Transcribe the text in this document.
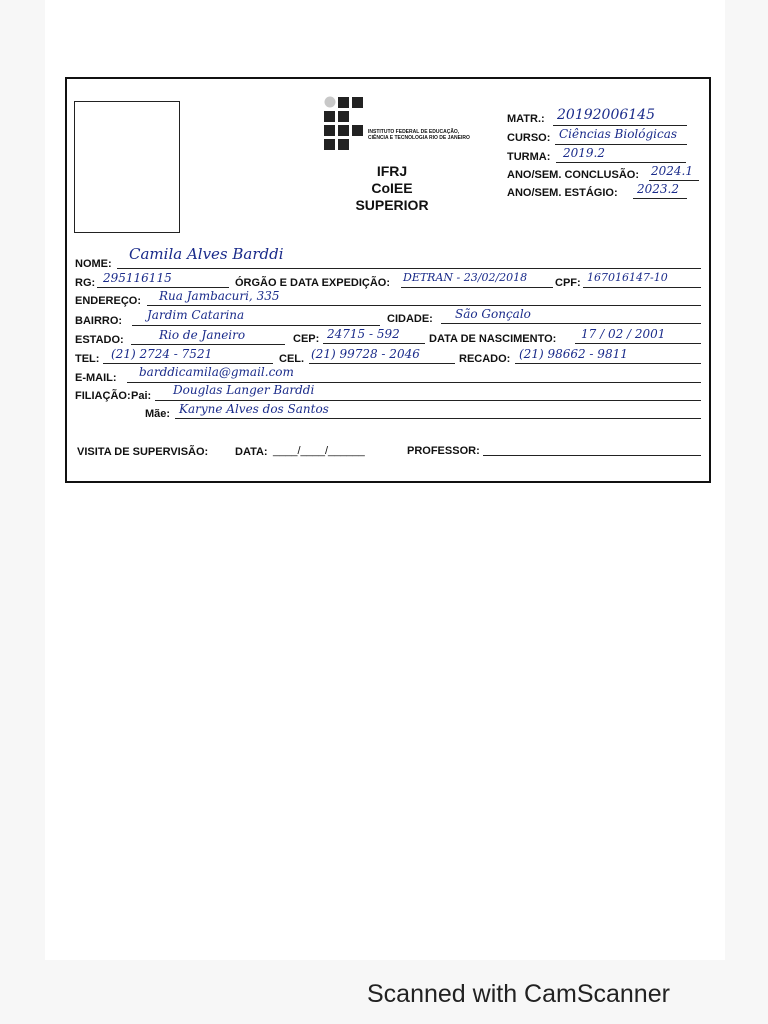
INSTITUTO FEDERAL DE EDUCAÇÃO, CIÊNCIA E TECNOLOGIA RIO DE JANEIRO
IFRJ
CoIEE
SUPERIOR
MATR.: 20192006145
CURSO: Ciências Biológicas
TURMA: 2019.2
ANO/SEM. CONCLUSÃO: 2024.1
ANO/SEM. ESTÁGIO: 2023.2
NOME:
Camila Alves Barddi
RG: 295116115	ÓRGÃO E DATA EXPEDIÇÃO: DETRAN - 23/02/2018	CPF: 167016147-10
ENDEREÇO: Rua Jambacuri, 335
BAIRRO: Jardim Catarina	CIDADE: São Gonçalo
ESTADO:	Rio de Janeiro	CEP: 24715 - 592	DATA DE NASCIMENTO: 17 / 02 / 2001
TEL: (21) 2724 - 7521	CEL. (21) 99728 - 2046	RECADO: (21) 98662 - 9811
E-MAIL: barddicamila@gmail.com
FILIAÇÃO: Pai: Douglas Langer Barddi
Mãe: Karyne Alves dos Santos
VISITA DE SUPERVISÃO: DATA: ____/____/______	PROFESSOR:
Scanned with CamScanner
